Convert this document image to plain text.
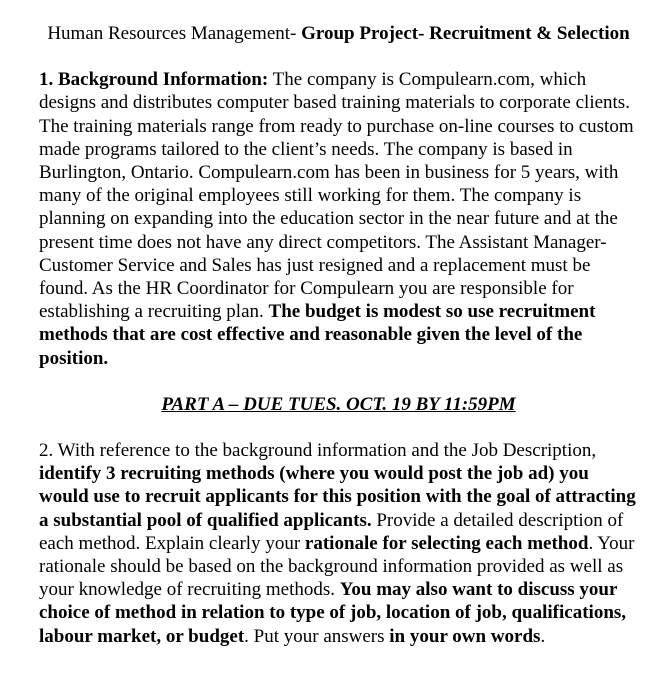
Human Resources Management- Group Project- Recruitment & Selection

1. Background Information: The company is Compulearn.com, which designs and distributes computer based training materials to corporate clients. The training materials range from ready to purchase on-line courses to custom made programs tailored to the client’s needs. The company is based in Burlington, Ontario. Compulearn.com has been in business for 5 years, with many of the original employees still working for them. The company is planning on expanding into the education sector in the near future and at the present time does not have any direct competitors. The Assistant Manager- Customer Service and Sales has just resigned and a replacement must be found. As the HR Coordinator for Compulearn you are responsible for establishing a recruiting plan. The budget is modest so use recruitment methods that are cost effective and reasonable given the level of the position.

PART A – DUE TUES. OCT. 19 BY 11:59PM

2. With reference to the background information and the Job Description, identify 3 recruiting methods (where you would post the job ad) you would use to recruit applicants for this position with the goal of attracting a substantial pool of qualified applicants. Provide a detailed description of each method. Explain clearly your rationale for selecting each method. Your rationale should be based on the background information provided as well as your knowledge of recruiting methods. You may also want to discuss your choice of method in relation to type of job, location of job, qualifications, labour market, or budget. Put your answers in your own words.
